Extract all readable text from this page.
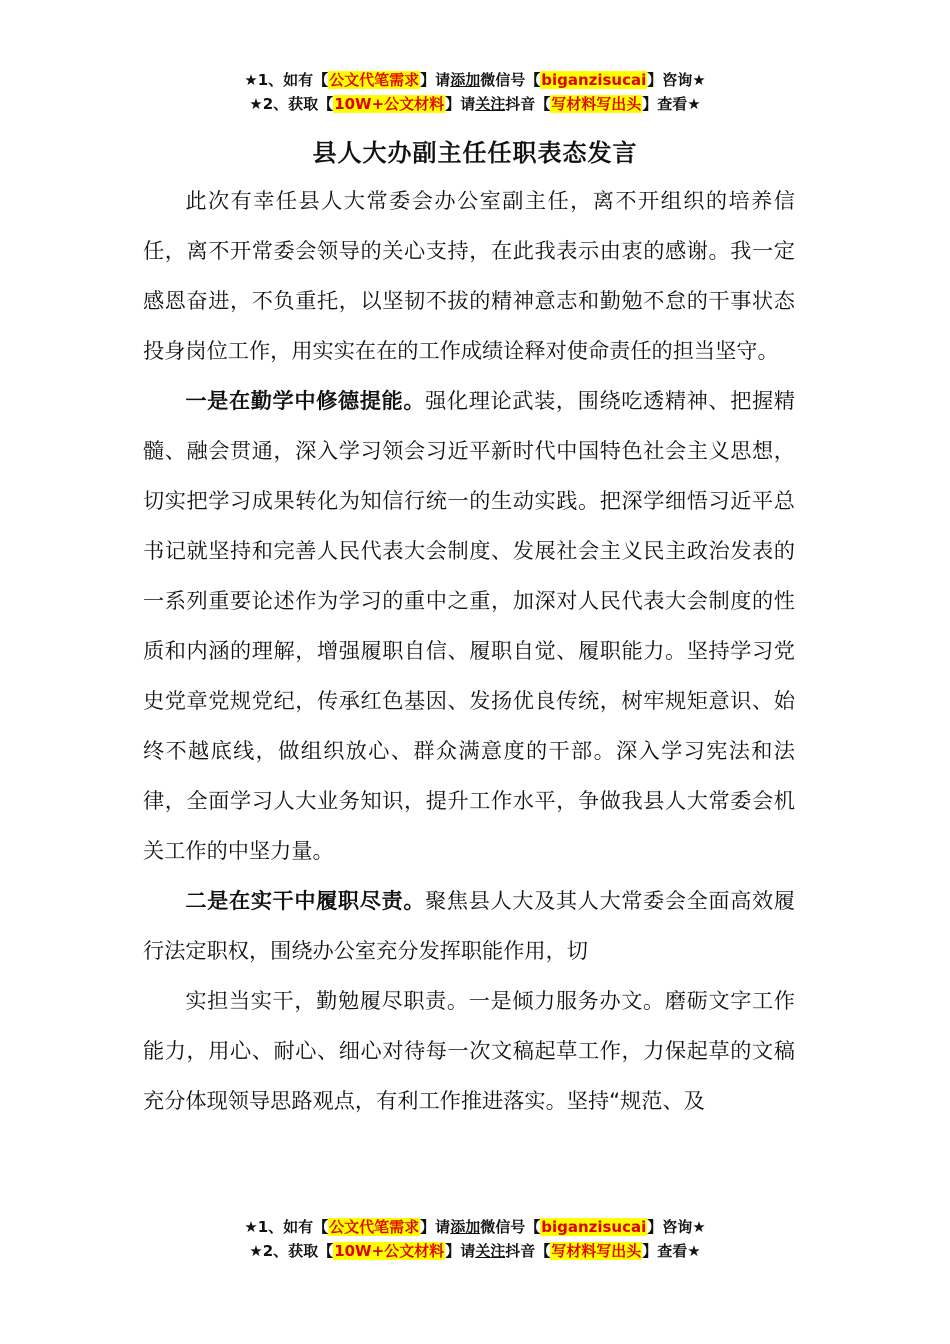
★1、如有【公文代笔需求】请添加微信号【biganzisucai】咨询★
★2、获取【10W+公文材料】请关注抖音【写材料写出头】查看★
县人大办副主任任职表态发言

此次有幸任县人大常委会办公室副主任，离不开组织的培养信任，离不开常委会领导的关心支持，在此我表示由衷的感谢。我一定感恩奋进，不负重托，以坚韧不拔的精神意志和勤勉不怠的干事状态投身岗位工作，用实实在在的工作成绩诠释对使命责任的担当坚守。

一是在勤学中修德提能。强化理论武装，围绕吃透精神、把握精髓、融会贯通，深入学习领会习近平新时代中国特色社会主义思想，切实把学习成果转化为知信行统一的生动实践。把深学细悟习近平总书记就坚持和完善人民代表大会制度、发展社会主义民主政治发表的一系列重要论述作为学习的重中之重，加深对人民代表大会制度的性质和内涵的理解，增强履职自信、履职自觉、履职能力。坚持学习党史党章党规党纪，传承红色基因、发扬优良传统，树牢规矩意识、始终不越底线，做组织放心、群众满意度的干部。深入学习宪法和法律，全面学习人大业务知识，提升工作水平，争做我县人大常委会机关工作的中坚力量。

二是在实干中履职尽责。聚焦县人大及其人大常委会全面高效履行法定职权，围绕办公室充分发挥职能作用，切

实担当实干，勤勉履尽职责。一是倾力服务办文。磨砺文字工作能力，用心、耐心、细心对待每一次文稿起草工作，力保起草的文稿充分体现领导思路观点，有利工作推进落实。坚持“规范、及

★1、如有【公文代笔需求】请添加微信号【biganzisucai】咨询★
★2、获取【10W+公文材料】请关注抖音【写材料写出头】查看★
